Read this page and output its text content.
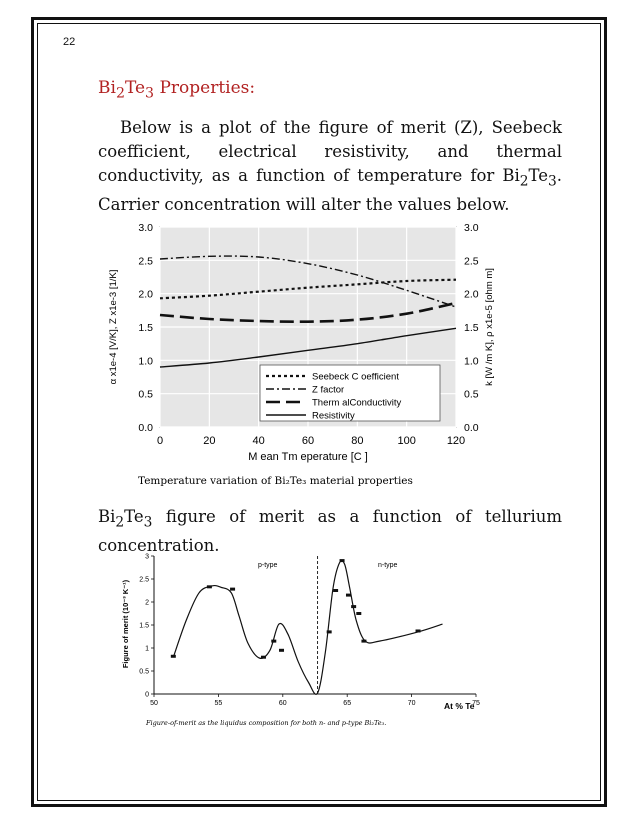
22
$Bi_2Te_3$ Properties:
Below is a plot of the figure of merit (Z), Seebeck coefficient, electrical resistivity, and thermal conductivity, as a function of temperature for $Bi_2Te_3$. Carrier concentration will alter the values below.
0.0
0.5
1.0
1.5
2.0
2.5
3.0
0.0
0.5
1.0
1.5
2.0
2.5
3.0
0	20	40	60	80	100	120
Seebeck C oefficient
Z factor
Therm alConductivity
Resistivity
M ean Tm eperature [C ]
α x1e-4 [V/K], Z x1e-3 [1/K]	k [W /m K], ρ x1e-5 [ohm m]
Temperature variation of Bi₂Te₃ material properties
$Bi_2Te_3$ figure of merit as a function of tellurium concentration.
0
0.5
1
1.5
2
2.5
3
50	55	60	65	70	75
p-type	n-type
At % Te
Figure of merit (10⁻³ K⁻¹)
Figure-of-merit as the liquidus composition for both n- and p-type Bi₂Te₃.
